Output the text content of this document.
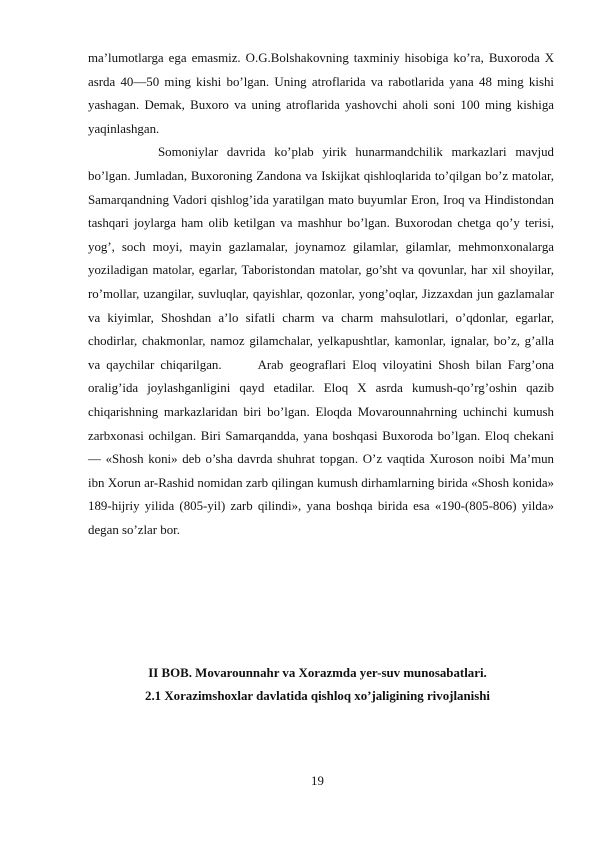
ma’lumotlarga ega emasmiz. O.G.Bolshakovning taxminiy hisobiga ko’ra, Buxoroda X asrda 40—50 ming kishi bo’lgan. Uning atroflarida va rabotlarida yana 48 ming kishi yashagan. Demak, Buxoro va uning atroflarida yashovchi aholi soni 100 ming kishiga yaqinlashgan.

Somoniylar davrida ko’plab yirik hunarmandchilik markazlari mavjud bo’lgan. Jumladan, Buxoroning Zandona va Iskijkat qishloqlarida to’qilgan bo’z matolar, Samarqandning Vadori qishlog’ida yaratilgan mato buyumlar Eron, Iroq va Hindistondan tashqari joylarga ham olib ketilgan va mashhur bo’lgan. Buxorodan chetga qo’y terisi, yog’, soch moyi, mayin gazlamalar, joynamoz gilamlar, gilamlar, mehmonxonalarga yoziladigan matolar, egarlar, Taboristondan matolar, go’sht va qovunlar, har xil shoyilar, ro’mollar, uzangilar, suvluqlar, qayishlar, qozonlar, yong’oqlar, Jizzaxdan jun gazlamalar va kiyimlar, Shoshdan a’lo sifatli charm va charm mahsulotlari, o’qdonlar, egarlar, chodirlar, chakmonlar, namoz gilamchalar, yelkapushtlar, kamonlar, ignalar, bo’z, g’alla va qaychilar chiqarilgan.	Arab geograflari Eloq viloyatini Shosh bilan Farg’ona oralig’ida joylashganligini qayd etadilar. Eloq X asrda kumush-qo’rg’oshin qazib chiqarishning markazlaridan biri bo’lgan. Eloqda Movarounnahrning uchinchi kumush zarbxonasi ochilgan. Biri Samarqandda, yana boshqasi Buxoroda bo’lgan. Eloq chekani — «Shosh koni» deb o’sha davrda shuhrat topgan. O’z vaqtida Xuroson noibi Ma’mun ibn Xorun ar-Rashid nomidan zarb qilingan kumush dirhamlarning birida «Shosh konida» 189-hijriy yilida (805-yil) zarb qilindi», yana boshqa birida esa «190-(805-806) yilda» degan so’zlar bor.

II BOB. Movarounnahr va Xorazmda yer-suv munosabatlari.
2.1 Xorazimshoxlar davlatida qishloq xo’jaligining rivojlanishi
19
